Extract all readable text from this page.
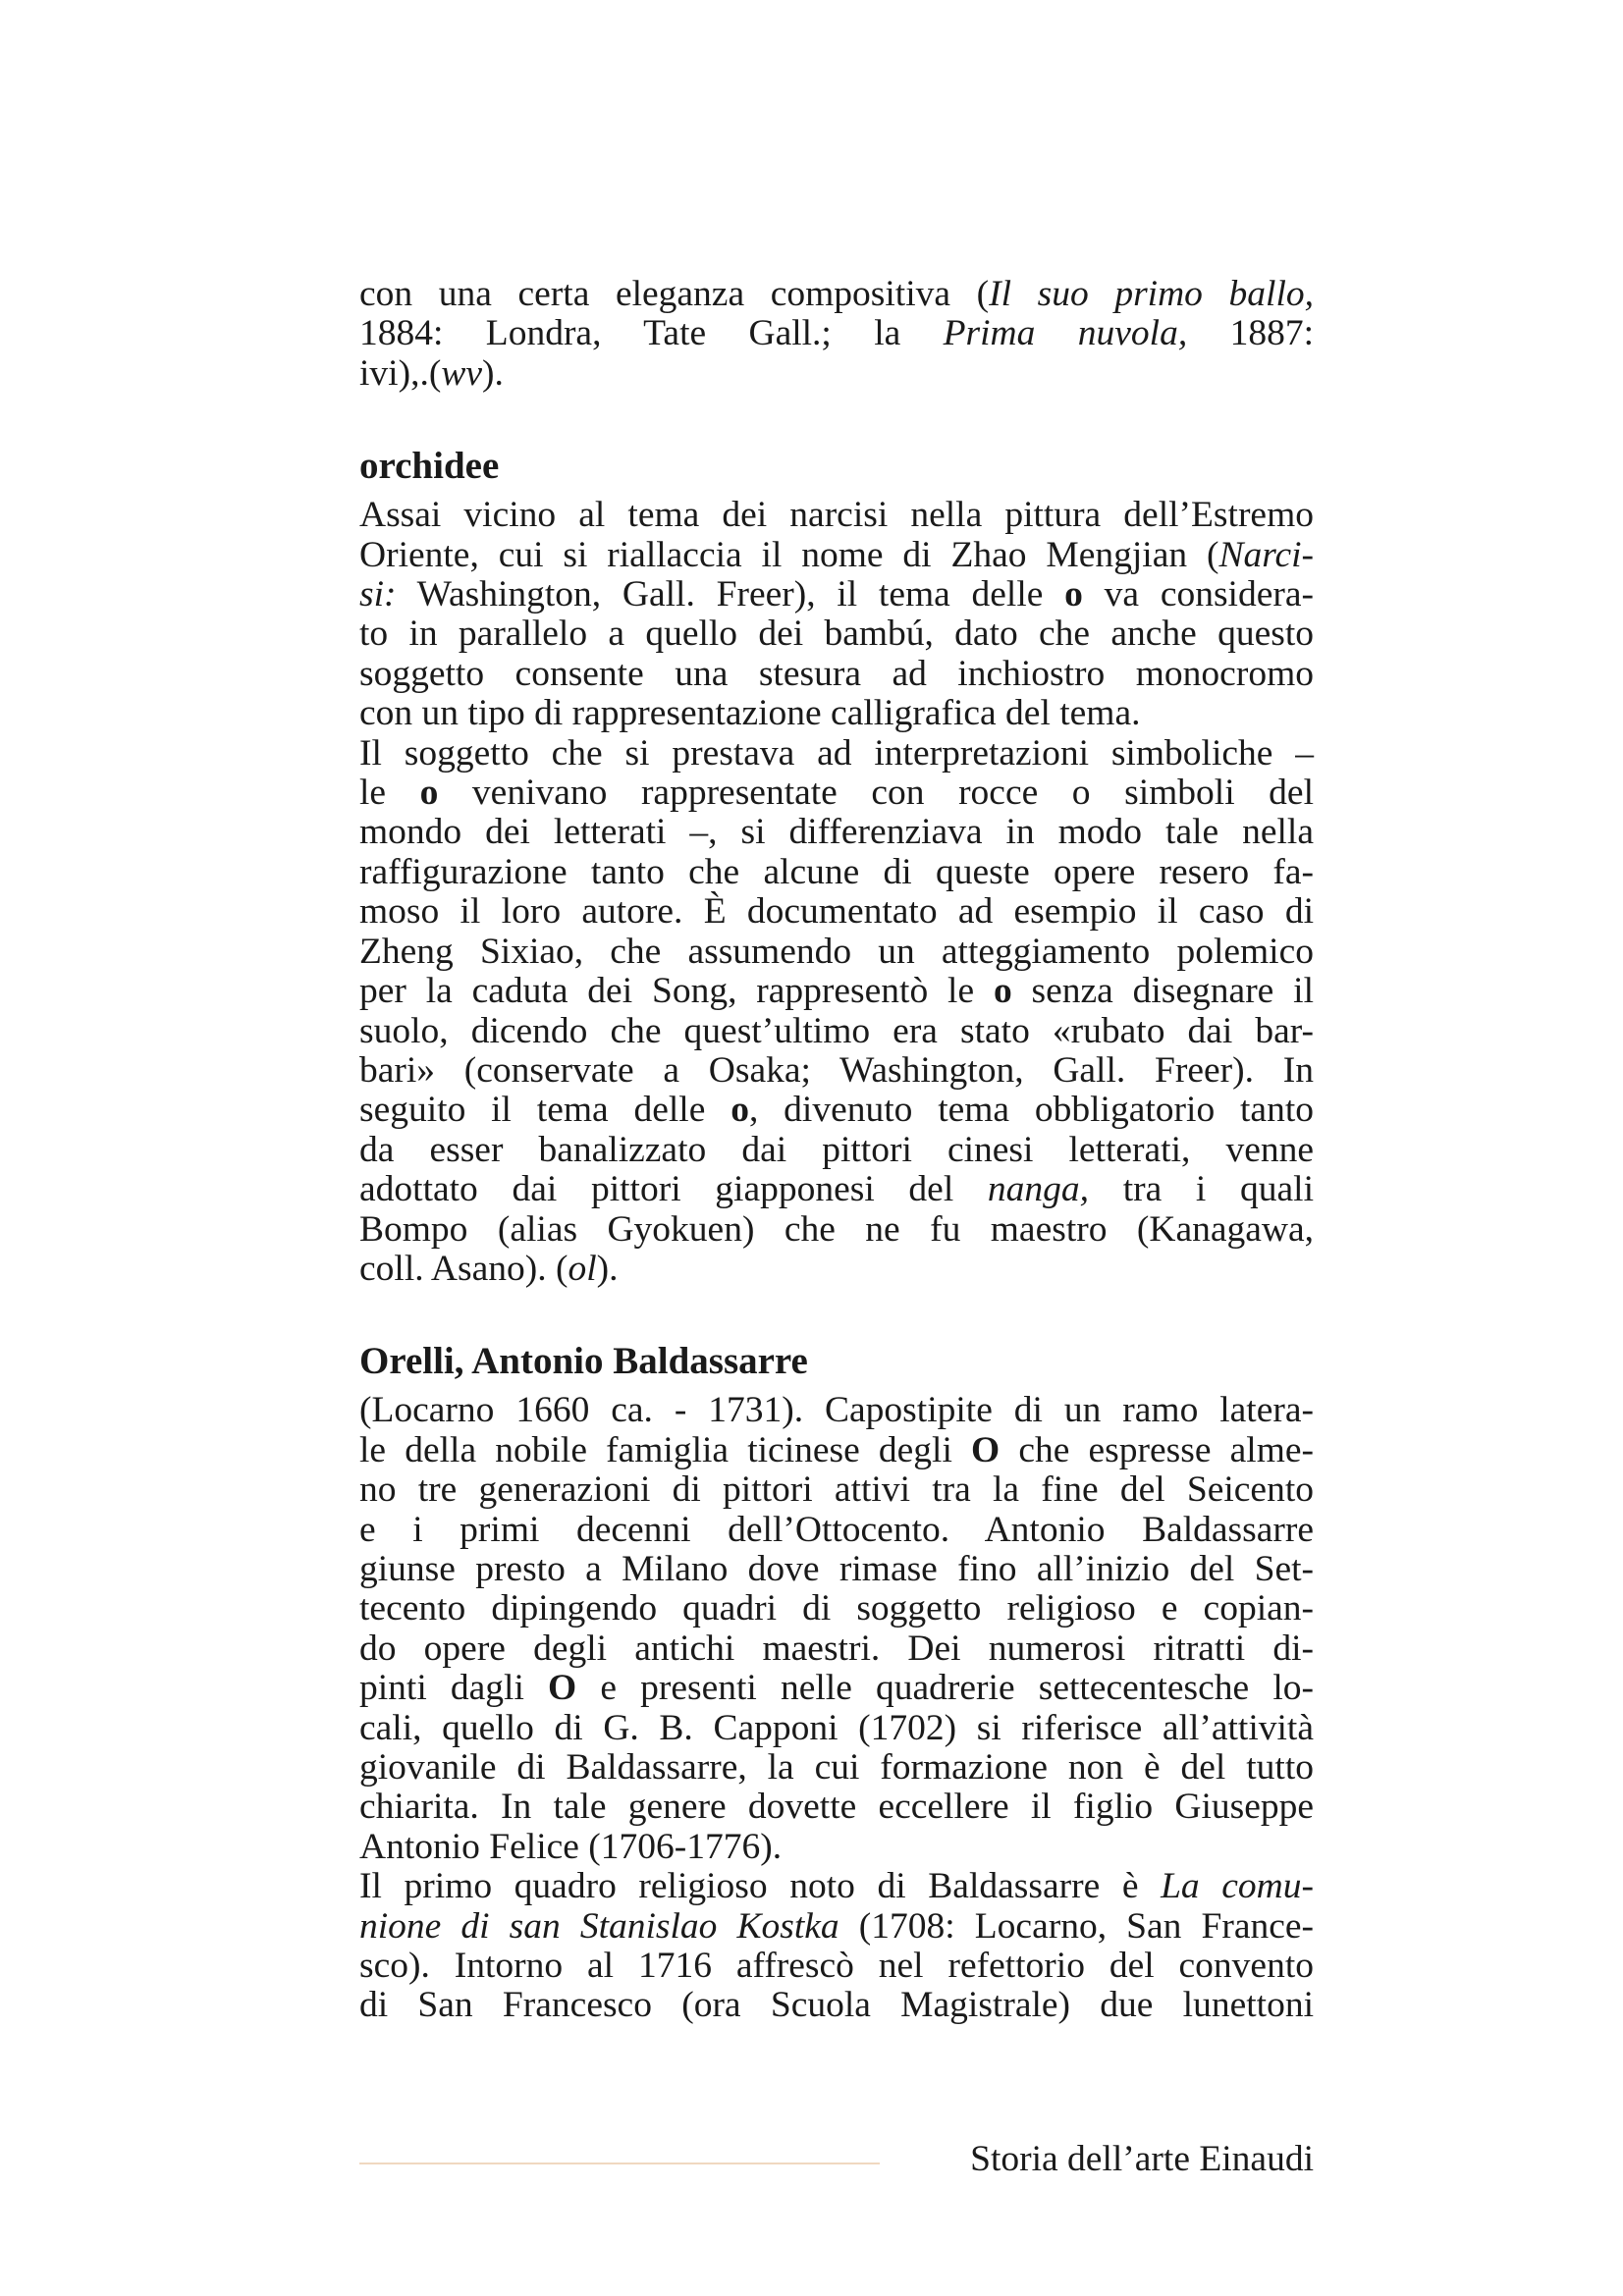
con una certa eleganza compositiva (Il suo primo ballo,
1884: Londra, Tate Gall.; la Prima nuvola, 1887:
ivi),.(wv).
orchidee
Assai vicino al tema dei narcisi nella pittura dell’Estremo
Oriente, cui si riallaccia il nome di Zhao Mengjian (Narci-
si: Washington, Gall. Freer), il tema delle o va considera-
to in parallelo a quello dei bambú, dato che anche questo
soggetto consente una stesura ad inchiostro monocromo
con un tipo di rappresentazione calligrafica del tema.
Il soggetto che si prestava ad interpretazioni simboliche –
le o venivano rappresentate con rocce o simboli del
mondo dei letterati –, si differenziava in modo tale nella
raffigurazione tanto che alcune di queste opere resero fa-
moso il loro autore. È documentato ad esempio il caso di
Zheng Sixiao, che assumendo un atteggiamento polemico
per la caduta dei Song, rappresentò le o senza disegnare il
suolo, dicendo che quest’ultimo era stato «rubato dai bar-
bari» (conservate a Osaka; Washington, Gall. Freer). In
seguito il tema delle o, divenuto tema obbligatorio tanto
da esser banalizzato dai pittori cinesi letterati, venne
adottato dai pittori giapponesi del nanga, tra i quali
Bompo (alias Gyokuen) che ne fu maestro (Kanagawa,
coll. Asano). (ol).
Orelli, Antonio Baldassarre
(Locarno 1660 ca. - 1731). Capostipite di un ramo latera-
le della nobile famiglia ticinese degli O che espresse alme-
no tre generazioni di pittori attivi tra la fine del Seicento
e i primi decenni dell’Ottocento. Antonio Baldassarre
giunse presto a Milano dove rimase fino all’inizio del Set-
tecento dipingendo quadri di soggetto religioso e copian-
do opere degli antichi maestri. Dei numerosi ritratti di-
pinti dagli O e presenti nelle quadrerie settecentesche lo-
cali, quello di G. B. Capponi (1702) si riferisce all’attività
giovanile di Baldassarre, la cui formazione non è del tutto
chiarita. In tale genere dovette eccellere il figlio Giuseppe
Antonio Felice (1706-1776).
Il primo quadro religioso noto di Baldassarre è La comu-
nione di san Stanislao Kostka (1708: Locarno, San France-
sco). Intorno al 1716 affrescò nel refettorio del convento
di San Francesco (ora Scuola Magistrale) due lunettoni
Storia dell’arte Einaudi
